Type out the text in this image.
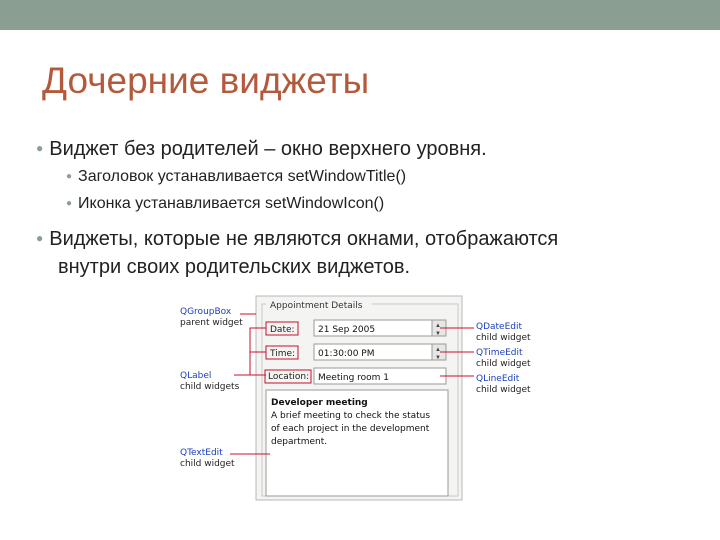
Дочерние виджеты
● Виджет без родителей – окно верхнего уровня.
● Заголовок устанавливается setWindowTitle()
● Иконка устанавливается setWindowIcon()
● Виджеты, которые не являются окнами, отображаются
внутри своих родительских виджетов.
Appointment Details
Date:
Time:
Location:
21 Sep 2005	▲
▼
01:30:00 PM	▲
▼
Meeting room 1
Developer meeting
A brief meeting to check the status
of each project in the development
department.
QGroupBox
parent widget
QLabel
child widgets
QTextEdit
child widget
QDateEdit
child widget
QTimeEdit
child widget
QLineEdit
child widget
